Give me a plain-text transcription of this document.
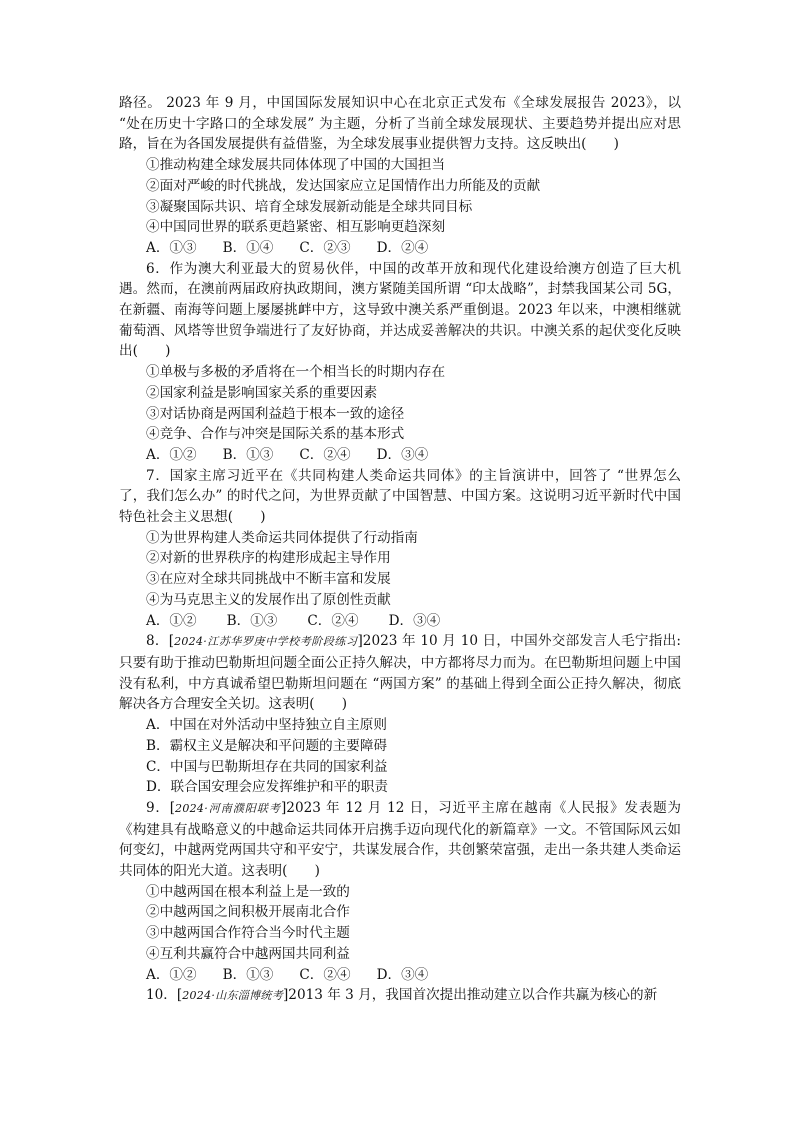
路径。 2023 年 9 月，中国国际发展知识中心在北京正式发布《全球发展报告 2023》，以 “处在历史十字路口的全球发展” 为主题，分析了当前全球发展现状、主要趋势并提出应对思路，旨在为各国发展提供有益借鉴，为全球发展事业提供智力支持。这反映出(　　)

①推动构建全球发展共同体体现了中国的大国担当

②面对严峻的时代挑战，发达国家应立足国情作出力所能及的贡献

③凝聚国际共识、培育全球发展新动能是全球共同目标

④中国同世界的联系更趋紧密、相互影响更趋深刻

A．①③ B．①④ C．②③ D．②④

6．作为澳大利亚最大的贸易伙伴，中国的改革开放和现代化建设给澳方创造了巨大机遇。然而，在澳前两届政府执政期间，澳方紧随美国所谓 “印太战略”，封禁我国某公司 5G，在新疆、南海等问题上屡屡挑衅中方，这导致中澳关系严重倒退。2023 年以来，中澳相继就葡萄酒、风塔等世贸争端进行了友好协商，并达成妥善解决的共识。中澳关系的起伏变化反映出(　　)

①单极与多极的矛盾将在一个相当长的时期内存在

②国家利益是影响国家关系的重要因素

③对话协商是两国利益趋于根本一致的途径

④竞争、合作与冲突是国际关系的基本形式

A．①② B．①③ C．②④ D．③④

7．国家主席习近平在《共同构建人类命运共同体》的主旨演讲中，回答了 “世界怎么了，我们怎么办” 的时代之问，为世界贡献了中国智慧、中国方案。这说明习近平新时代中国特色社会主义思想(　　)

①为世界构建人类命运共同体提供了行动指南

②对新的世界秩序的构建形成起主导作用

③在应对全球共同挑战中不断丰富和发展

④为马克思主义的发展作出了原创性贡献

A．①② B．①③ C．②④ D．③④

8．[2024·江苏华罗庚中学校考阶段练习]2023 年 10 月 10 日，中国外交部发言人毛宁指出: 只要有助于推动巴勒斯坦问题全面公正持久解决，中方都将尽力而为。在巴勒斯坦问题上中国没有私利，中方真诚希望巴勒斯坦问题在 “两国方案” 的基础上得到全面公正持久解决，彻底解决各方合理安全关切。这表明(　　)

A．中国在对外活动中坚持独立自主原则

B．霸权主义是解决和平问题的主要障碍

C．中国与巴勒斯坦存在共同的国家利益

D．联合国安理会应发挥维护和平的职责

9．[2024·河南濮阳联考]2023 年 12 月 12 日，习近平主席在越南《人民报》发表题为《构建具有战略意义的中越命运共同体开启携手迈向现代化的新篇章》一文。不管国际风云如何变幻，中越两党两国共守和平安宁，共谋发展合作，共创繁荣富强，走出一条共建人类命运共同体的阳光大道。这表明(　　)

①中越两国在根本利益上是一致的

②中越两国之间积极开展南北合作

③中越两国合作符合当今时代主题

④互利共赢符合中越两国共同利益

A．①② B．①③ C．②④ D．③④

10．[2024·山东淄博统考]2013 年 3 月，我国首次提出推动建立以合作共赢为核心的新
